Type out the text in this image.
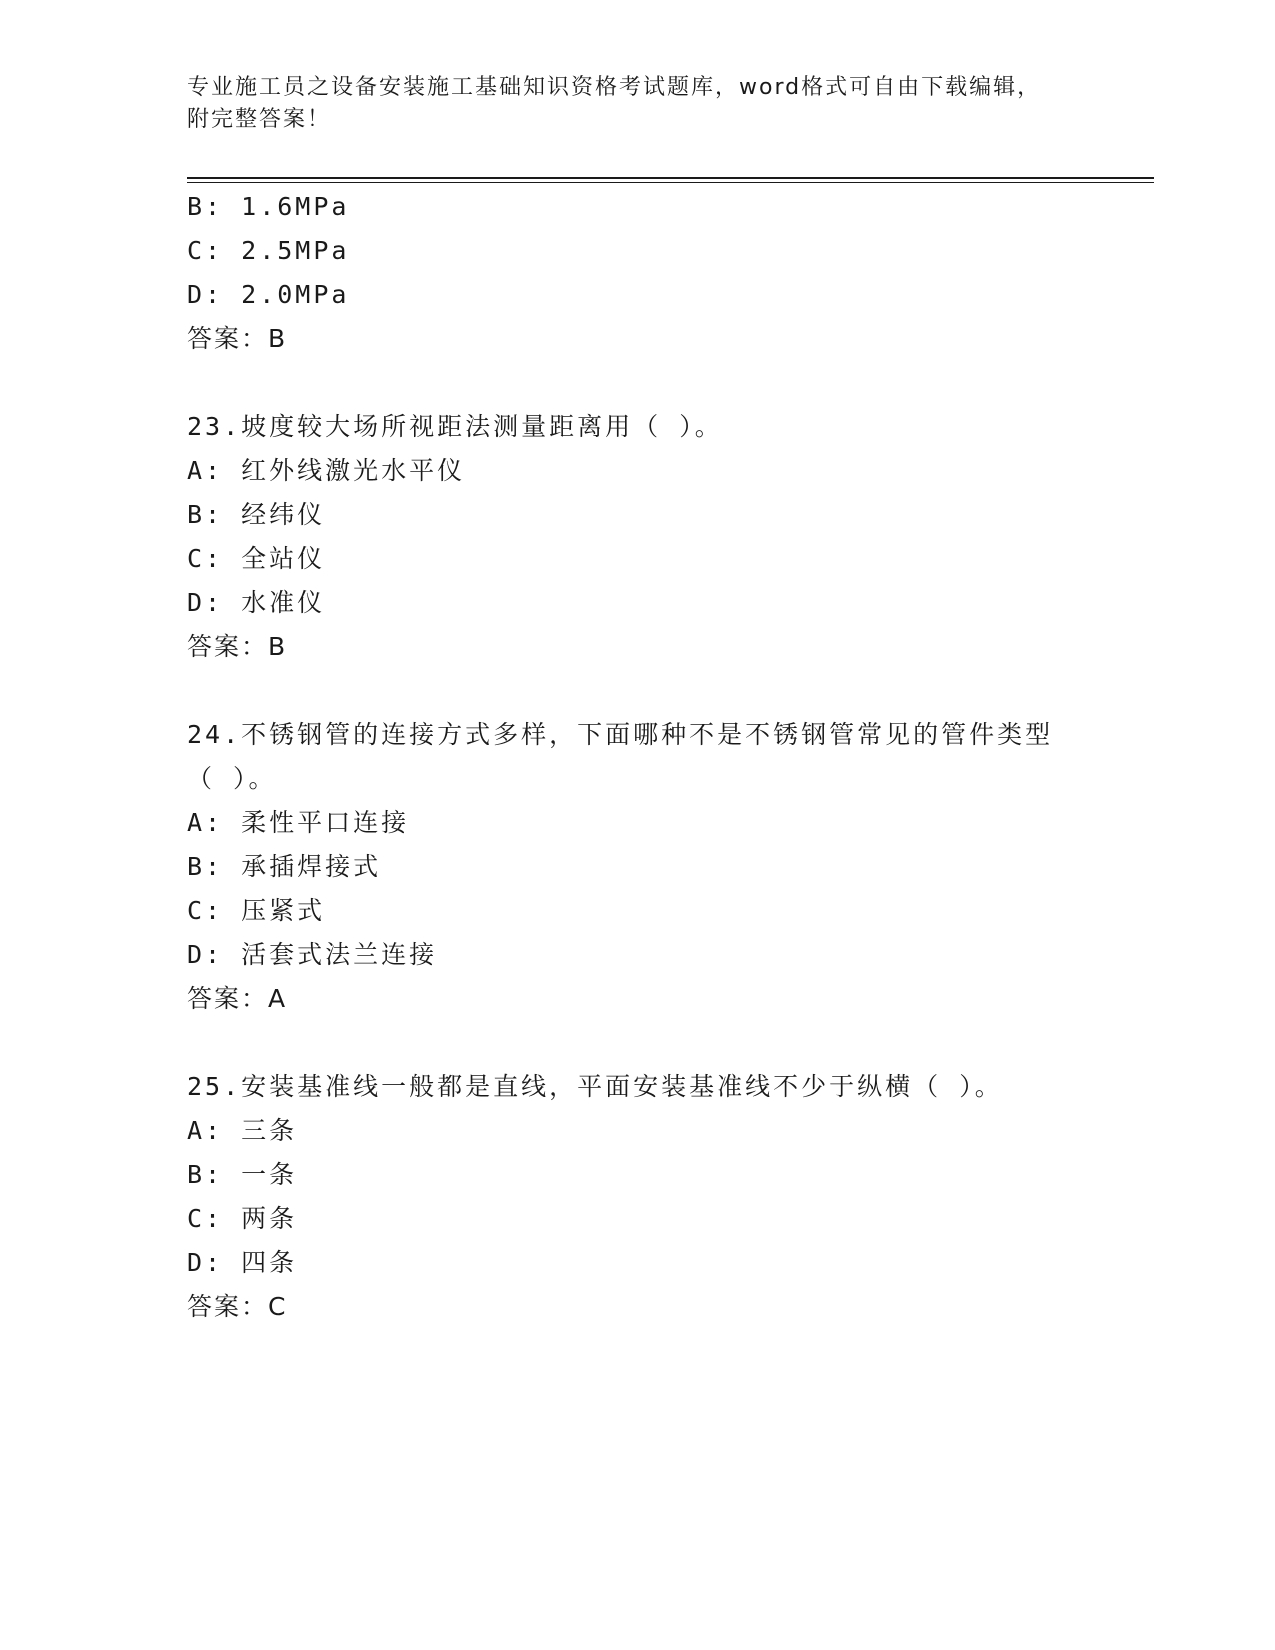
专业施工员之设备安装施工基础知识资格考试题库，word格式可自由下载编辑，
附完整答案！
B: 1.6MPa
C: 2.5MPa
D: 2.0MPa
答案：B
23.坡度较大场所视距法测量距离用（ ）。
A: 红外线激光水平仪
B: 经纬仪
C: 全站仪
D: 水准仪
答案：B
24.不锈钢管的连接方式多样，下面哪种不是不锈钢管常见的管件类型
（ ）。
A: 柔性平口连接
B: 承插焊接式
C: 压紧式
D: 活套式法兰连接
答案：A
25.安装基准线一般都是直线，平面安装基准线不少于纵横（ ）。
A: 三条
B: 一条
C: 两条
D: 四条
答案：C
